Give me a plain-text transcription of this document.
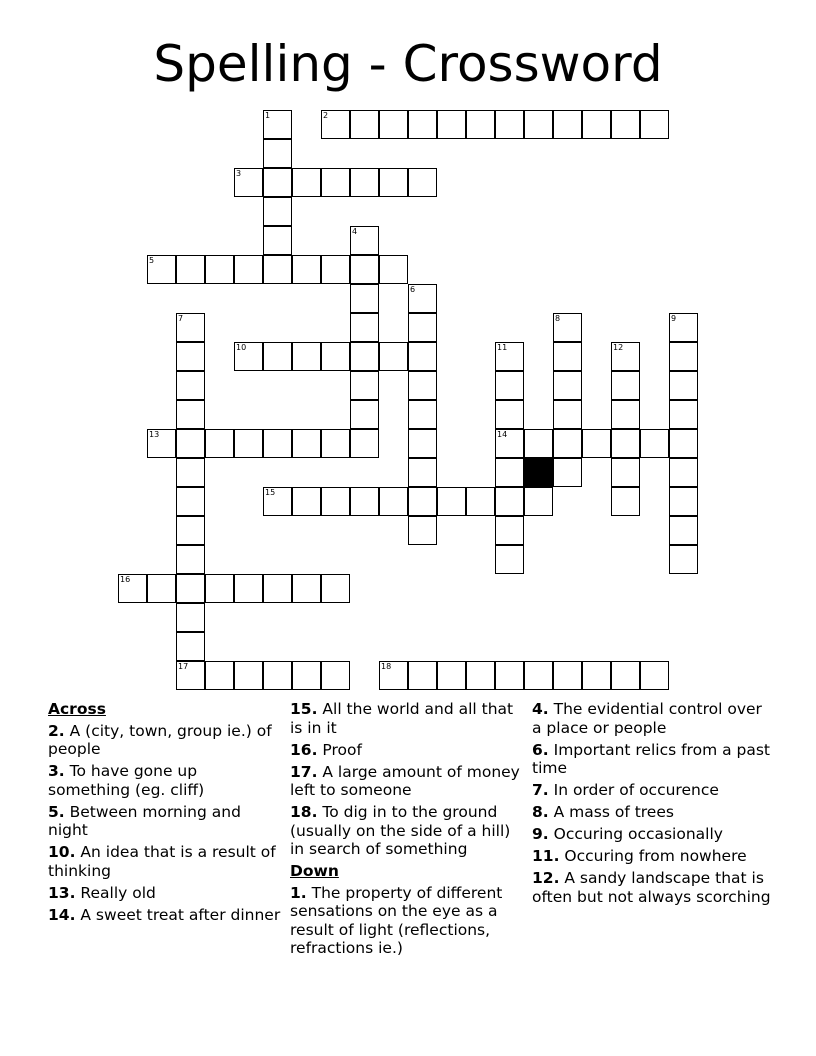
Spelling - Crossword
1	2
3
4
5
6
7	8	9
10	11
14
12
13
15
16
17	18
Across
2. A (city, town, group ie.) of people
3. To have gone up something (eg. cliff)
5. Between morning and night
10. An idea that is a result of thinking
13. Really old
14. A sweet treat after dinner
15. All the world and all that is in it
16. Proof
17. A large amount of money left to someone
18. To dig in to the ground (usually on the side of a hill) in search of something
Down
1. The property of different sensations on the eye as a result of light (reflections, refractions ie.)
4. The evidential control over a place or people
6. Important relics from a past time
7. In order of occurence
8. A mass of trees
9. Occuring occasionally
11. Occuring from nowhere
12. A sandy landscape that is often but not always scorching
